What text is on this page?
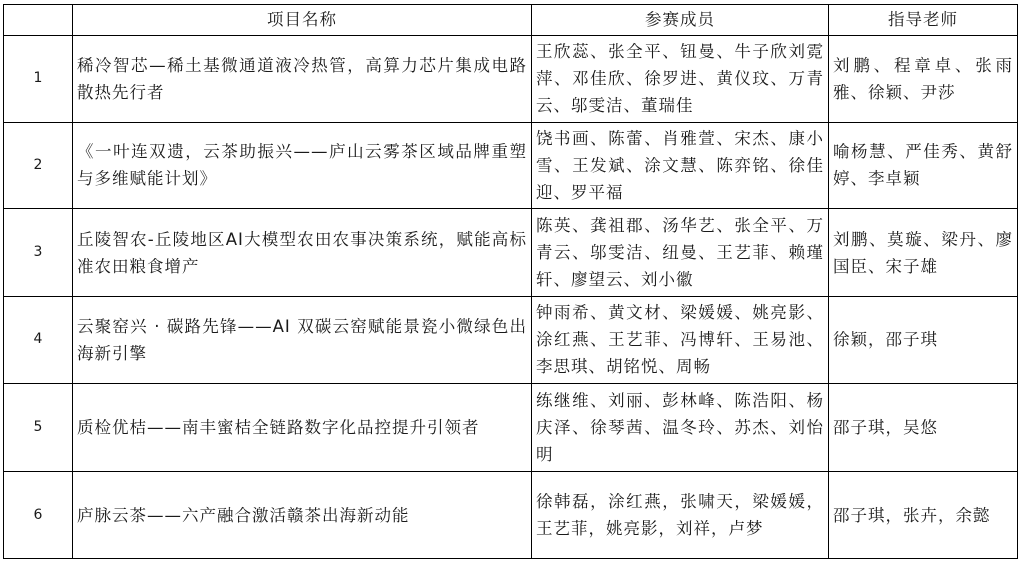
	项目名称	参赛成员	指导老师
1	稀冷智芯—稀土基微通道液冷热管，高算力芯片集成电路散热先行者	王欣蕊、张全平、钮曼、牛子欣刘霓萍、邓佳欣、徐罗进、黄仪玟、万青云、邬雯洁、董瑞佳	刘鹏、程章卓、张雨雅、徐颖、尹莎
2	《一叶连双遗，云茶助振兴——庐山云雾茶区域品牌重塑与多维赋能计划》	饶书画、陈蕾、肖雅萱、宋杰、康小雪、王发斌、涂文慧、陈弈铭、徐佳迎、罗平福	喻杨慧、严佳秀、黄舒婷、李卓颖
3	丘陵智农-丘陵地区AI大模型农田农事决策系统，赋能高标准农田粮食增产	陈英、龚祖郡、汤华艺、张全平、万青云、邬雯洁、纽曼、王艺菲、赖瑾轩、廖望云、刘小徽	刘鹏、莫璇、梁丹、廖国臣、宋子雄
4	云聚窑兴 · 碳路先锋——AI 双碳云窑赋能景瓷小微绿色出海新引擎	钟雨希、黄文材、梁媛媛、姚亮影、涂红燕、王艺菲、冯博轩、王易池、李思琪、胡铭悦、周畅	徐颖，邵子琪
5	质检优桔——南丰蜜桔全链路数字化品控提升引领者	练继维、刘丽、彭林峰、陈浩阳、杨庆泽、徐琴茜、温冬玲、苏杰、刘怡明	邵子琪，吴悠
6	庐脉云茶——六产融合激活赣茶出海新动能	徐韩磊，涂红燕，张啸天，梁媛媛，王艺菲，姚亮影，刘祥，卢梦	邵子琪，张卉，余懿
